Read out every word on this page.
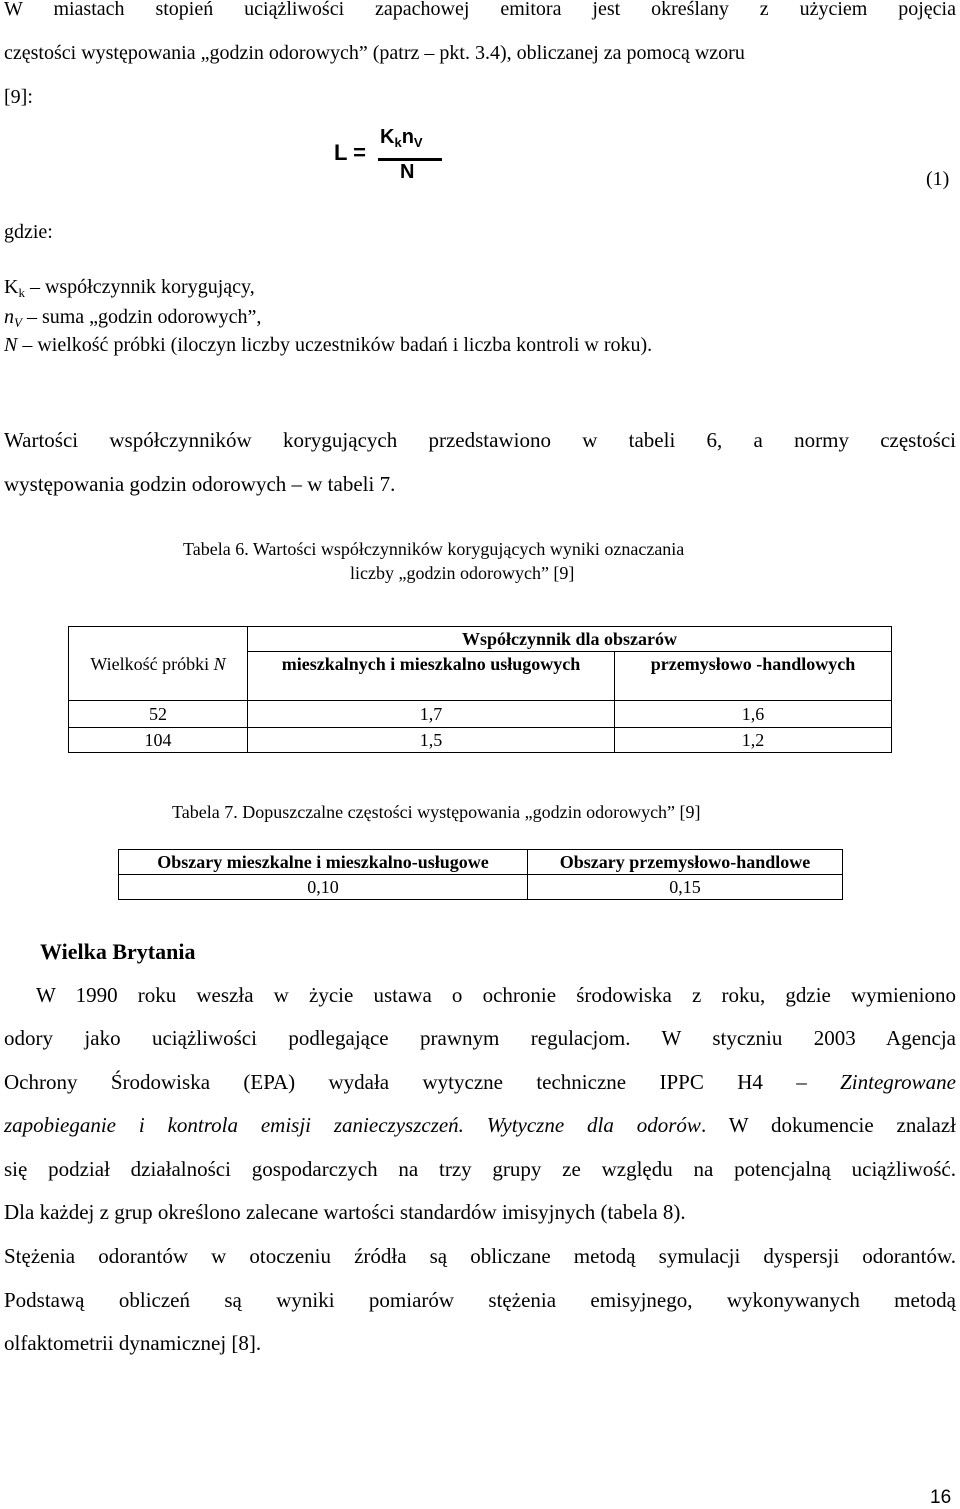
W miastach stopień uciążliwości zapachowej emitora jest określany z użyciem pojęcia

częstości występowania „godzin odorowych” (patrz – pkt. 3.4), obliczanej za pomocą wzoru

[9]:

L =
$K_kn_V$
N	(1)

gdzie:

$K_k$ – współczynnik korygujący,

$n_V$ – suma „godzin odorowych”,

N – wielkość próbki (iloczyn liczby uczestników badań i liczba kontroli w roku).

Wartości współczynników korygujących przedstawiono w tabeli 6, a normy częstości

występowania godzin odorowych – w tabeli 7.

Tabela 6. Wartości współczynników korygujących wyniki oznaczania

liczby „godzin odorowych” [9]

Wielkość próbki N	Współczynnik dla obszarów	
	mieszkalnych i mieszkalno usługowych	przemysłowo -handlowych
52	1,7	1,6
104	1,5	1,2

Tabela 7. Dopuszczalne częstości występowania „godzin odorowych” [9]

Obszary mieszkalne i mieszkalno-usługowe	Obszary przemysłowo-handlowe
0,10	0,15

Wielka Brytania

W 1990 roku weszła w życie ustawa o ochronie środowiska z roku, gdzie wymieniono

odory jako uciążliwości podlegające prawnym regulacjom. W styczniu 2003 Agencja

Ochrony Środowiska (EPA) wydała wytyczne techniczne IPPC H4 – Zintegrowane

zapobieganie i kontrola emisji zanieczyszczeń. Wytyczne dla odorów. W dokumencie znalazł

się podział działalności gospodarczych na trzy grupy ze względu na potencjalną uciążliwość.

Dla każdej z grup określono zalecane wartości standardów imisyjnych (tabela 8).

Stężenia odorantów w otoczeniu źródła są obliczane metodą symulacji dyspersji odorantów.

Podstawą obliczeń są wyniki pomiarów stężenia emisyjnego, wykonywanych metodą

olfaktometrii dynamicznej [8].

16
